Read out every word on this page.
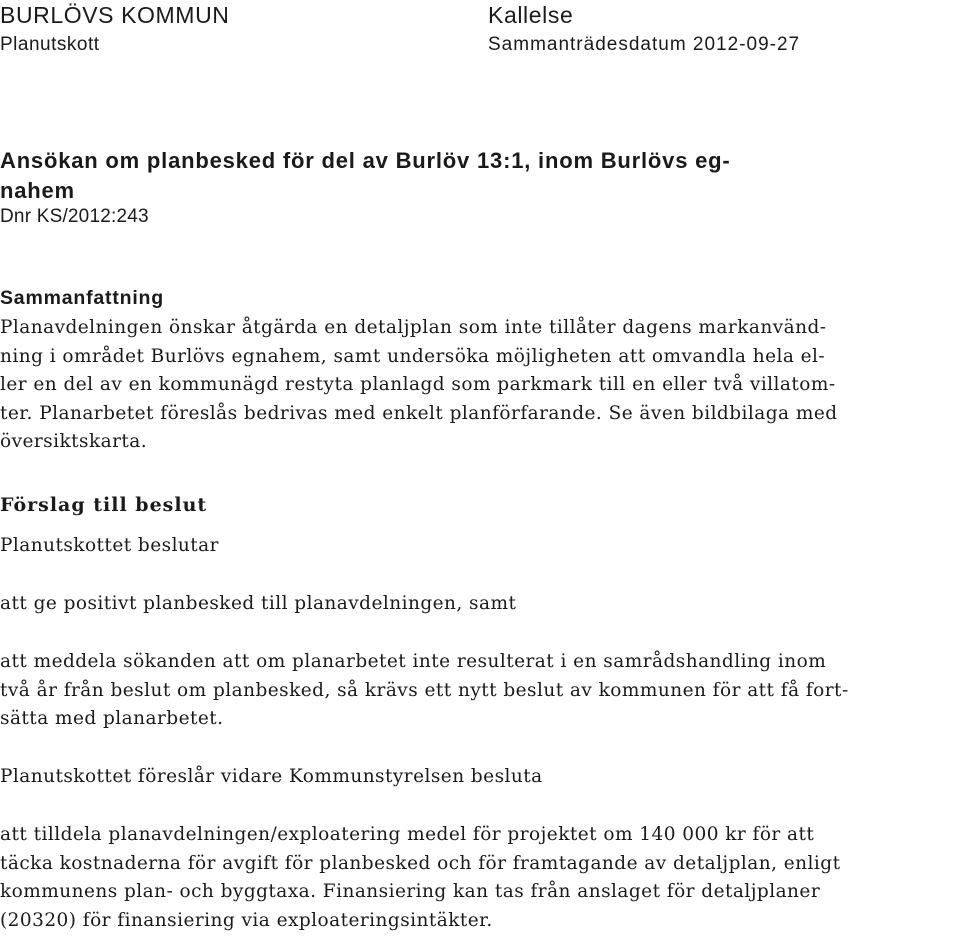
BURLÖVS KOMMUN
Planutskott
Kallelse
Sammanträdesdatum 2012-09-27
Ansökan om planbesked för del av Burlöv 13:1, inom Burlövs eg-
nahem
Dnr KS/2012:243
Sammanfattning

Planavdelningen önskar åtgärda en detaljplan som inte tillåter dagens markanvänd-
ning i området Burlövs egnahem, samt undersöka möjligheten att omvandla hela el-
ler en del av en kommunägd restyta planlagd som parkmark till en eller två villatom-
ter. Planarbetet föreslås bedrivas med enkelt planförfarande. Se även bildbilaga med
översiktskarta.

Förslag till beslut

Planutskottet beslutar

att ge positivt planbesked till planavdelningen, samt

att meddela sökanden att om planarbetet inte resulterat i en samrådshandling inom
två år från beslut om planbesked, så krävs ett nytt beslut av kommunen för att få fort-
sätta med planarbetet.

Planutskottet föreslår vidare Kommunstyrelsen besluta

att tilldela planavdelningen/exploatering medel för projektet om 140 000 kr för att
täcka kostnaderna för avgift för planbesked och för framtagande av detaljplan, enligt
kommunens plan- och byggtaxa. Finansiering kan tas från anslaget för detaljplaner
(20320) för finansiering via exploateringsintäkter.
